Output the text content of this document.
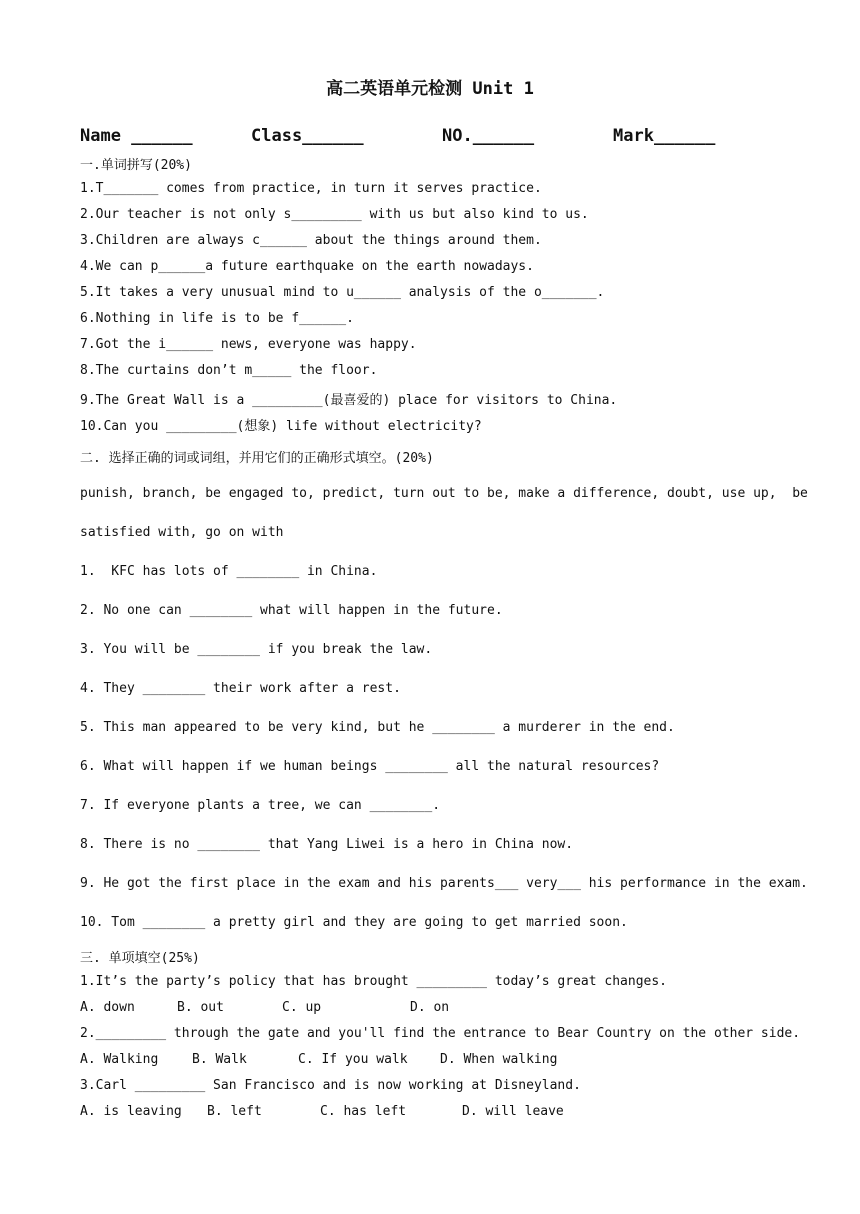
高二英语单元检测 Unit 1
Name ______	Class______	NO.______	Mark______
一.单词拼写(20%)
1.T_______ comes from practice, in turn it serves practice.
2.Our teacher is not only s_________ with us but also kind to us.
3.Children are always c______ about the things around them.
4.We can p______a future earthquake on the earth nowadays.
5.It takes a very unusual mind to u______ analysis of the o_______.
6.Nothing in life is to be f______.
7.Got the i______ news, everyone was happy.
8.The curtains don’t m_____ the floor.
9.The Great Wall is a _________(最喜爱的) place for visitors to China.
10.Can you _________(想象) life without electricity?
二. 选择正确的词或词组，并用它们的正确形式填空。(20%)
punish, branch, be engaged to, predict, turn out to be, make a difference, doubt, use up,  be
satisfied with, go on with
1.  KFC has lots of ________ in China.
2. No one can ________ what will happen in the future.
3. You will be ________ if you break the law.
4. They ________ their work after a rest.
5. This man appeared to be very kind, but he ________ a murderer in the end.
6. What will happen if we human beings ________ all the natural resources?
7. If everyone plants a tree, we can ________.
8. There is no ________ that Yang Liwei is a hero in China now.
9. He got the first place in the exam and his parents___ very___ his performance in the exam.
10. Tom ________ a pretty girl and they are going to get married soon.
三. 单项填空(25%)
1.It’s the party’s policy that has brought _________ today’s great changes.
A. down	B. out	C. up	D. on
2._________ through the gate and you'll find the entrance to Bear Country on the other side.
A. Walking	B. Walk	C. If you walk D. When walking
3.Carl _________ San Francisco and is now working at Disneyland.
A. is leaving B. left	C. has left	D. will leave
